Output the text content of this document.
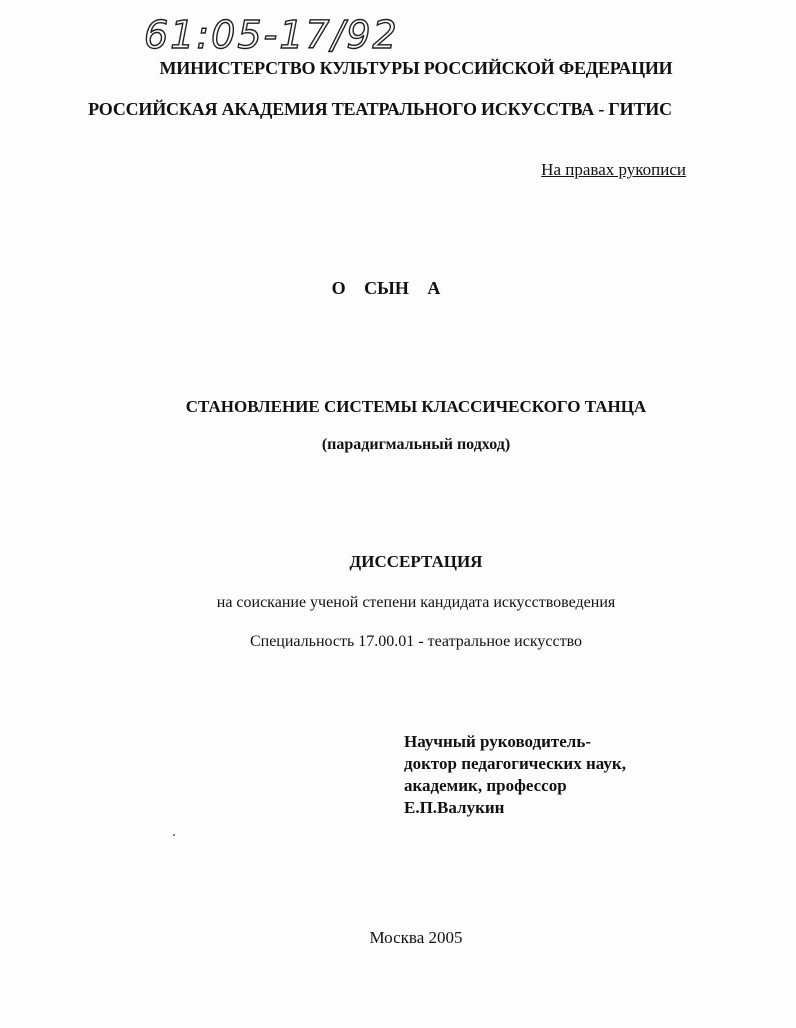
61:05-17/92
МИНИСТЕРСТВО КУЛЬТУРЫ РОССИЙСКОЙ ФЕДЕРАЦИИ
РОССИЙСКАЯ АКАДЕМИЯ ТЕАТРАЛЬНОГО ИСКУССТВА - ГИТИС
На правах рукописи
О СЫН А
СТАНОВЛЕНИЕ СИСТЕМЫ КЛАССИЧЕСКОГО ТАНЦА
(парадигмальный подход)
ДИССЕРТАЦИЯ
на соискание ученой степени кандидата искусствоведения
Специальность 17.00.01 - театральное искусство
Научный руководитель-
доктор педагогических наук,
академик, профессор
Е.П.Валукин
Москва 2005
